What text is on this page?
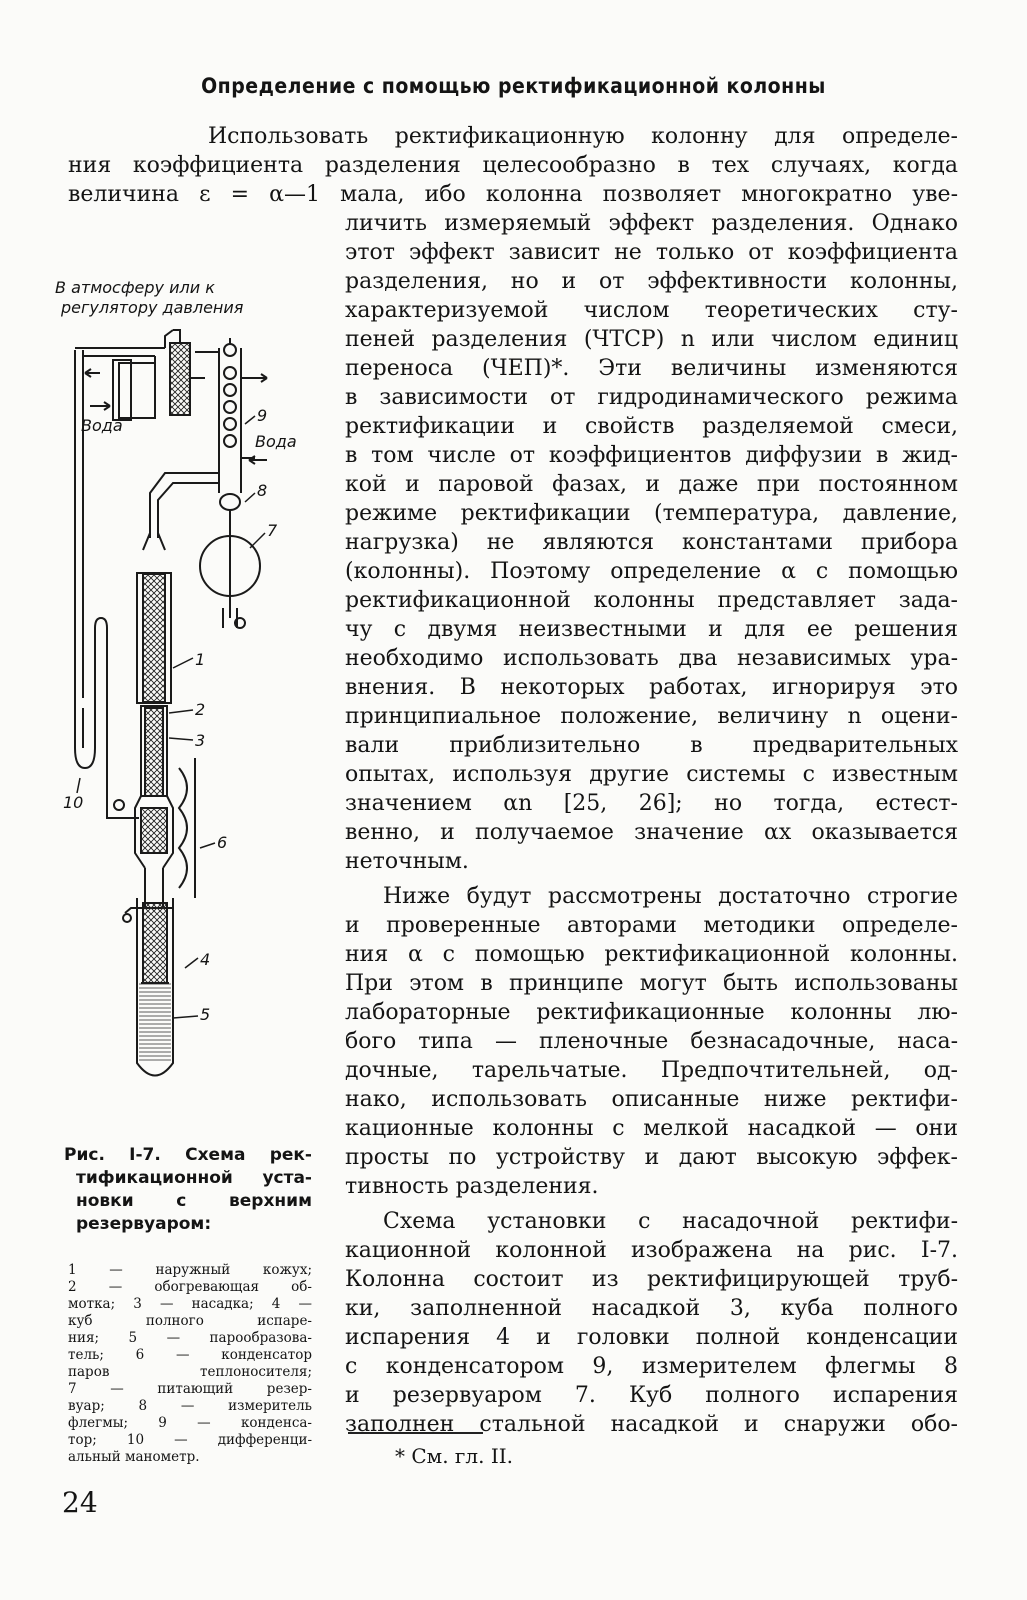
Определение с помощью ректификационной колонны
Использовать ректификационную колонну для определе-
ния коэффициента разделения целесообразно в тех случаях, когда
величина ε = α—1 мала, ибо колонна позволяет многократно уве-
личить измеряемый эффект разделения. Однако
этот эффект зависит не только от коэффициента
разделения, но и от эффективности колонны,
характеризуемой числом теоретических сту-
пеней разделения (ЧТСР) n или числом единиц
переноса (ЧЕП)*. Эти величины изменяются
в зависимости от гидродинамического режима
ректификации и свойств разделяемой смеси,
в том числе от коэффициентов диффузии в жид-
кой и паровой фазах, и даже при постоянном
режиме ректификации (температура, давление,
нагрузка) не являются константами прибора
(колонны). Поэтому определение α с помощью
ректификационной колонны представляет зада-
чу с двумя неизвестными и для ее решения
необходимо использовать два независимых ура-
внения. В некоторых работах, игнорируя это
принципиальное положение, величину n оцени-
вали приблизительно в предварительных
опытах, используя другие системы с известным
значением αn [25, 26]; но тогда, естест-
венно, и получаемое значение αx оказывается
неточным.
Ниже будут рассмотрены достаточно строгие
и проверенные авторами методики определе-
ния α с помощью ректификационной колонны.
При этом в принципе могут быть использованы
лабораторные ректификационные колонны лю-
бого типа — пленочные безнасадочные, наса-
дочные, тарельчатые. Предпочтительней, од-
нако, использовать описанные ниже ректифи-
кационные колонны с мелкой насадкой — они
просты по устройству и дают высокую эффек-
тивность разделения.
Схема установки с насадочной ректифи-
кационной колонной изображена на рис. I-7.
Колонна состоит из ректифицирующей труб-
ки, заполненной насадкой 3, куба полного
испарения 4 и головки полной конденсации
с конденсатором 9, измерителем флегмы 8
и резервуаром 7. Куб полного испарения
заполнен стальной насадкой и снаружи обо-
* См. гл. II.
В атмосферу или к
регулятору давления
Вода
Вода
1
2
3
4
5
6
7
8
9
10
Рис. I-7. Схема рек-
тификационной уста-
новки с верхним
резервуаром:
1 — наружный кожух;
2 — обогревающая об-
мотка; 3 — насадка; 4 —
куб полного испаре-
ния; 5 — парообразова-
тель; 6 — конденсатор
паров теплоносителя;
7 — питающий резер-
вуар; 8 — измеритель
флегмы; 9 — конденса-
тор; 10 — дифференци-
альный манометр.
24
